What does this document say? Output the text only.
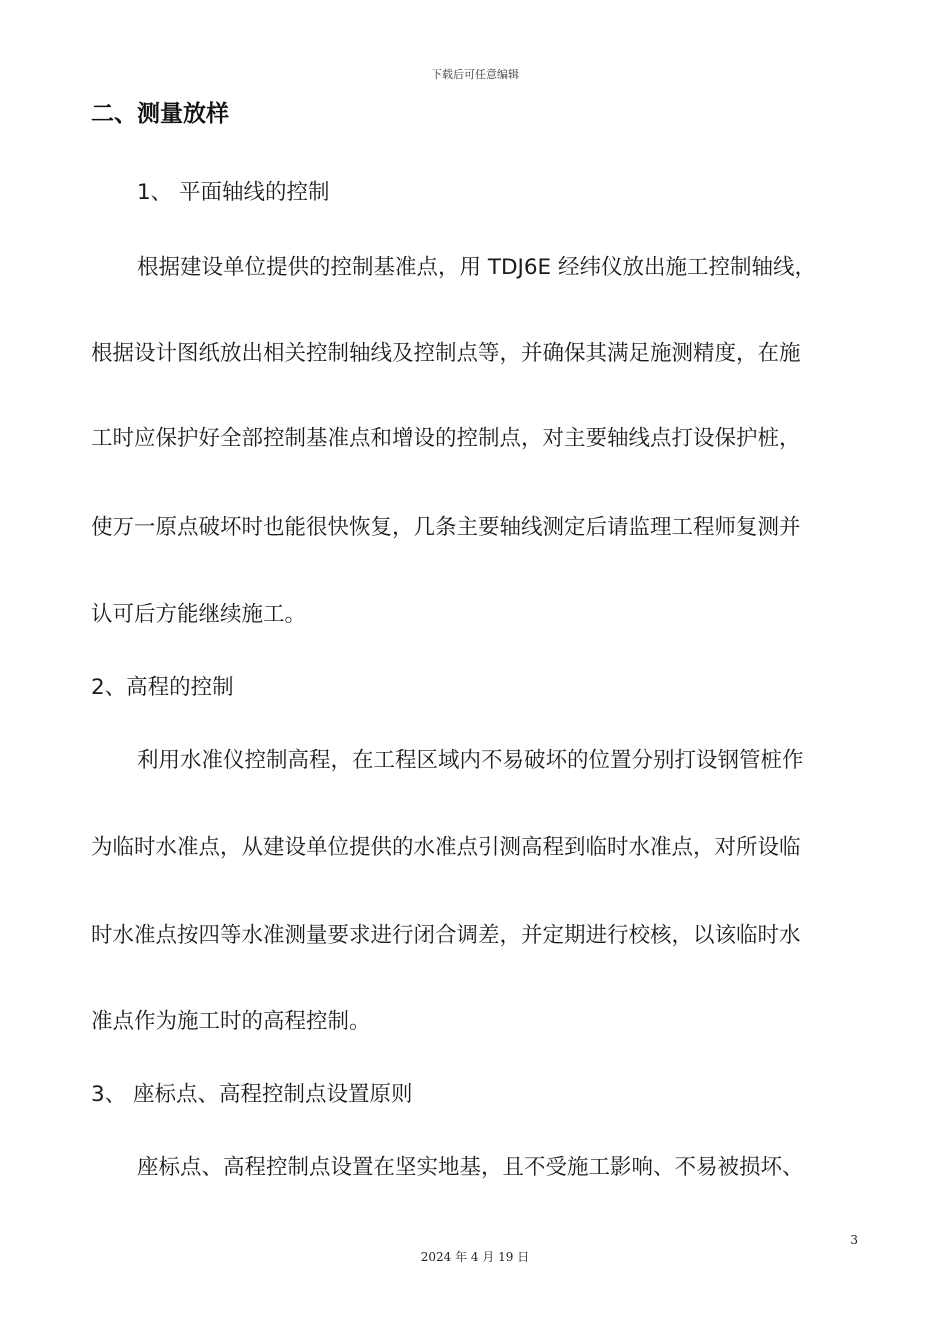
下载后可任意编辑
二、测量放样
1、 平面轴线的控制
根据建设单位提供的控制基准点，用 TDJ6E 经纬仪放出施工控制轴线，
根据设计图纸放出相关控制轴线及控制点等，并确保其满足施测精度，在施
工时应保护好全部控制基准点和增设的控制点，对主要轴线点打设保护桩，
使万一原点破坏时也能很快恢复，几条主要轴线测定后请监理工程师复测并
认可后方能继续施工。
2、高程的控制
利用水准仪控制高程，在工程区域内不易破坏的位置分别打设钢管桩作
为临时水准点，从建设单位提供的水准点引测高程到临时水准点，对所设临
时水准点按四等水准测量要求进行闭合调差，并定期进行校核，以该临时水
准点作为施工时的高程控制。
3、 座标点、高程控制点设置原则
座标点、高程控制点设置在坚实地基，且不受施工影响、不易被损坏、
3
2024 年 4 月 19 日
